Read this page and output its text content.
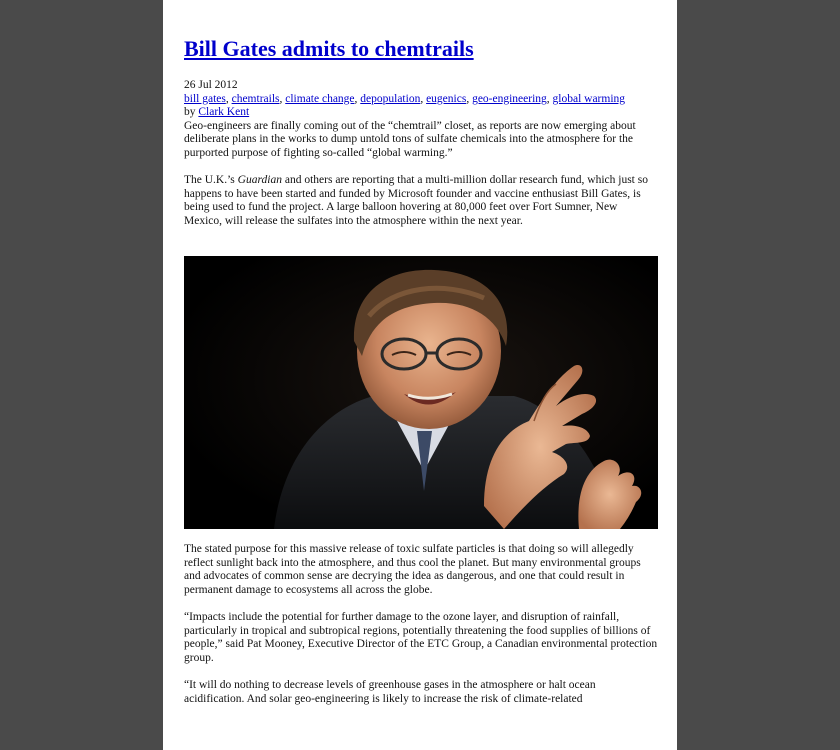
Bill Gates admits to chemtrails
26 Jul 2012
bill gates, chemtrails, climate change, depopulation, eugenics, geo-engineering, global warming
by Clark Kent

Geo-engineers are finally coming out of the “chemtrail” closet, as reports are now emerging about deliberate plans in the works to dump untold tons of sulfate chemicals into the atmosphere for the purported purpose of fighting so-called “global warming.”

The U.K.’s Guardian and others are reporting that a multi-million dollar research fund, which just so happens to have been started and funded by Microsoft founder and vaccine enthusiast Bill Gates, is being used to fund the project. A large balloon hovering at 80,000 feet over Fort Sumner, New Mexico, will release the sulfates into the atmosphere within the next year.

The stated purpose for this massive release of toxic sulfate particles is that doing so will allegedly reflect sunlight back into the atmosphere, and thus cool the planet. But many environmental groups and advocates of common sense are decrying the idea as dangerous, and one that could result in permanent damage to ecosystems all across the globe.

“Impacts include the potential for further damage to the ozone layer, and disruption of rainfall, particularly in tropical and subtropical regions, potentially threatening the food supplies of billions of people,” said Pat Mooney, Executive Director of the ETC Group, a Canadian environmental protection group.

“It will do nothing to decrease levels of greenhouse gases in the atmosphere or halt ocean acidification. And solar geo-engineering is likely to increase the risk of climate-related
